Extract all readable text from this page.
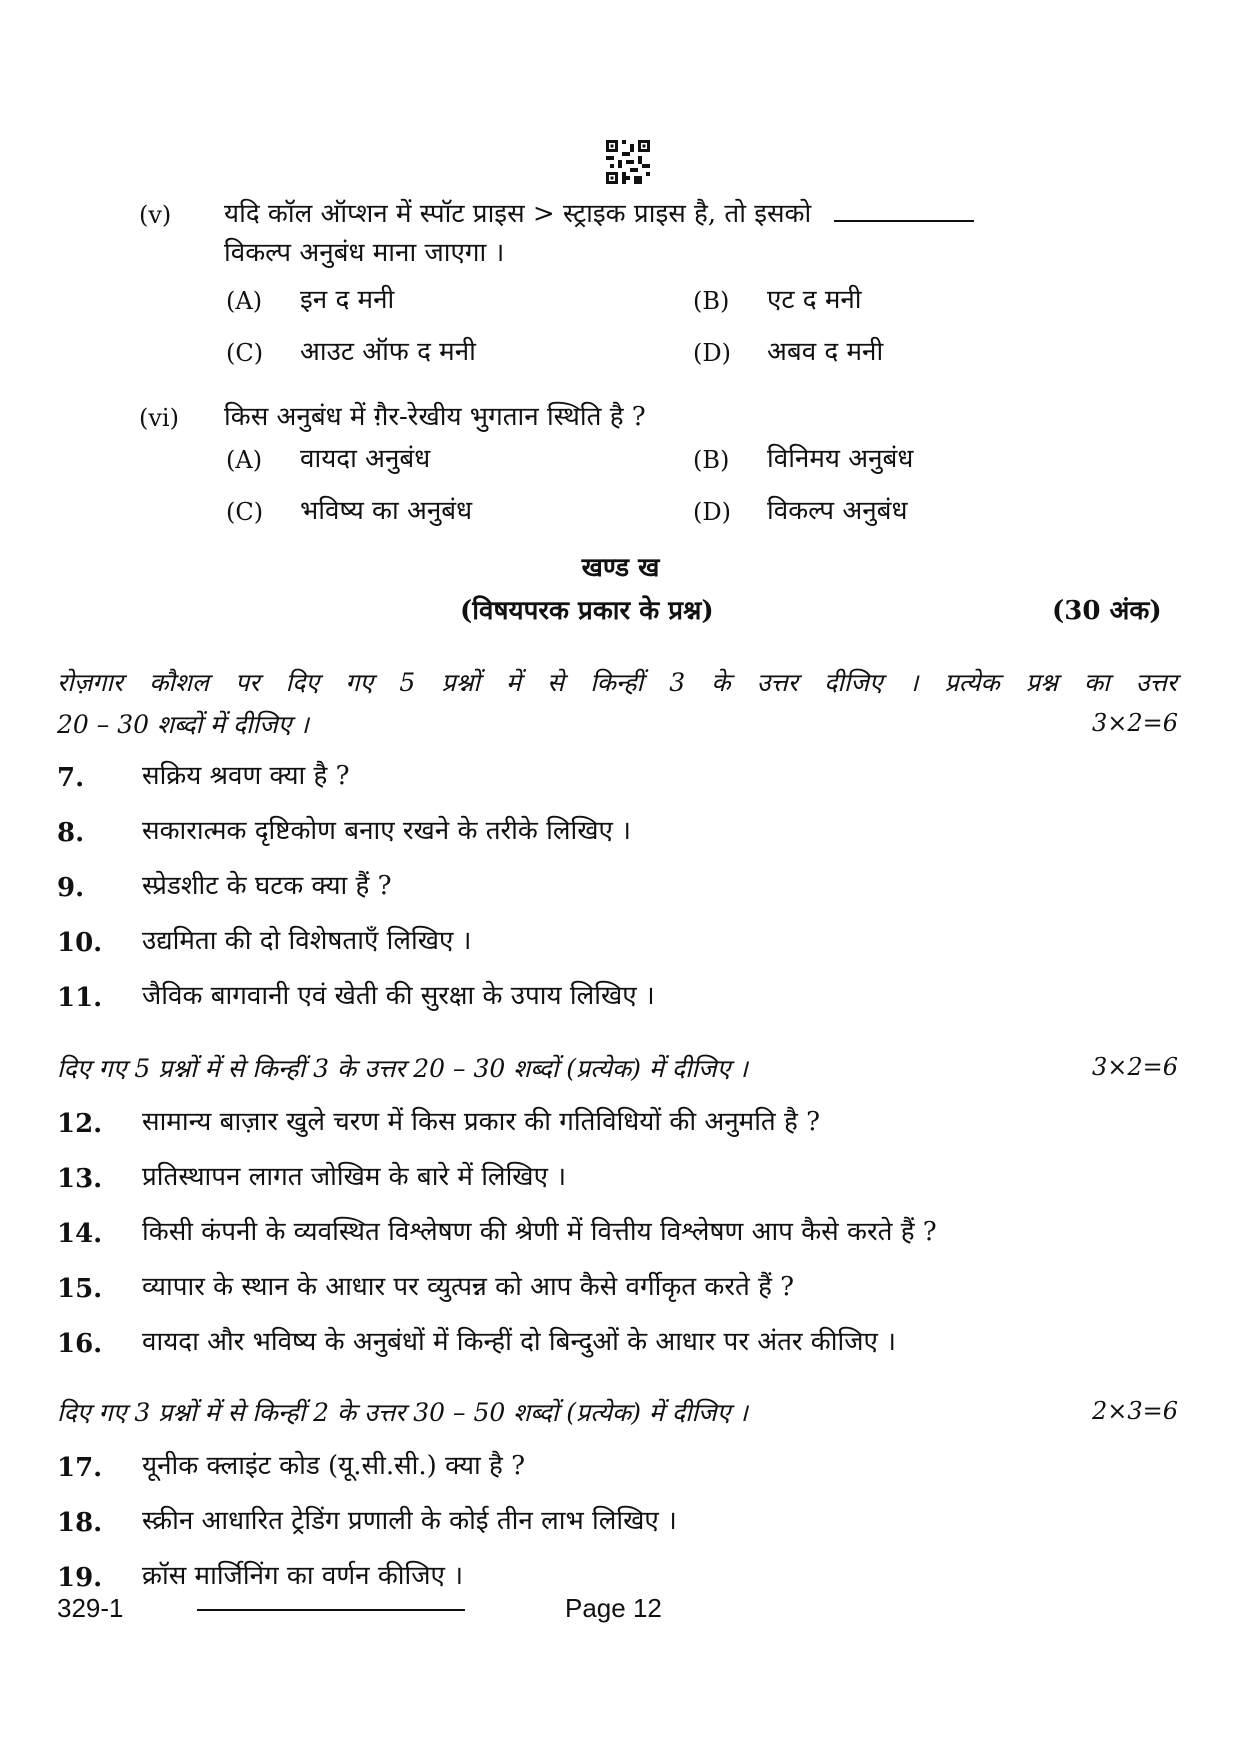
(v) यदि कॉल ऑप्शन में स्पॉट प्राइस > स्ट्राइक प्राइस है, तो इसको
विकल्प अनुबंध माना जाएगा ।
(A) इन द मनी	(B) एट द मनी
(C) आउट ऑफ द मनी	(D) अबव द मनी
(vi) किस अनुबंध में ग़ैर-रेखीय भुगतान स्थिति है ?
(A) वायदा अनुबंध	(B) विनिमय अनुबंध
(C) भविष्य का अनुबंध	(D) विकल्प अनुबंध
खण्ड ख
(विषयपरक प्रकार के प्रश्न)	(30 अंक)
रोज़गार कौशल पर दिए गए 5 प्रश्नों में से किन्हीं 3 के उत्तर दीजिए । प्रत्येक प्रश्न का उत्तर
20 – 30 शब्दों में दीजिए ।	3×2=6
7. सक्रिय श्रवण क्या है ?
8. सकारात्मक दृष्टिकोण बनाए रखने के तरीके लिखिए ।
9. स्प्रेडशीट के घटक क्या हैं ?
10. उद्यमिता की दो विशेषताएँ लिखिए ।
11. जैविक बागवानी एवं खेती की सुरक्षा के उपाय लिखिए ।
दिए गए 5 प्रश्नों में से किन्हीं 3 के उत्तर 20 – 30 शब्दों (प्रत्येक) में दीजिए ।	3×2=6
12. सामान्य बाज़ार खुले चरण में किस प्रकार की गतिविधियों की अनुमति है ?
13. प्रतिस्थापन लागत जोखिम के बारे में लिखिए ।
14. किसी कंपनी के व्यवस्थित विश्लेषण की श्रेणी में वित्तीय विश्लेषण आप कैसे करते हैं ?
15. व्यापार के स्थान के आधार पर व्युत्पन्न को आप कैसे वर्गीकृत करते हैं ?
16. वायदा और भविष्य के अनुबंधों में किन्हीं दो बिन्दुओं के आधार पर अंतर कीजिए ।
दिए गए 3 प्रश्नों में से किन्हीं 2 के उत्तर 30 – 50 शब्दों (प्रत्येक) में दीजिए ।	2×3=6
17. यूनीक क्लाइंट कोड (यू.सी.सी.) क्या है ?
18. स्क्रीन आधारित ट्रेडिंग प्रणाली के कोई तीन लाभ लिखिए ।
19. क्रॉस मार्जिनिंग का वर्णन कीजिए ।
329-1	Page 12
